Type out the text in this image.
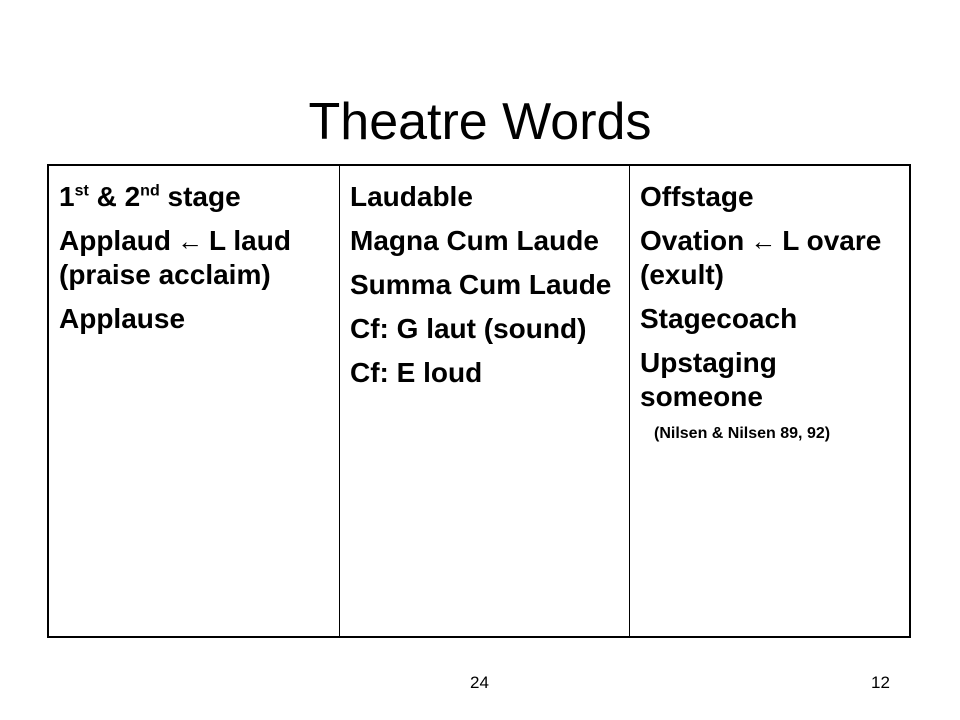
Theatre Words

1st & 2nd stage

Applaud ← L laud (praise acclaim)

Applause

Laudable

Magna Cum Laude

Summa Cum Laude

Cf: G laut (sound)

Cf: E loud

Offstage

Ovation ← L ovare (exult)

Stagecoach

Upstaging someone

(Nilsen & Nilsen 89, 92)

24	12
